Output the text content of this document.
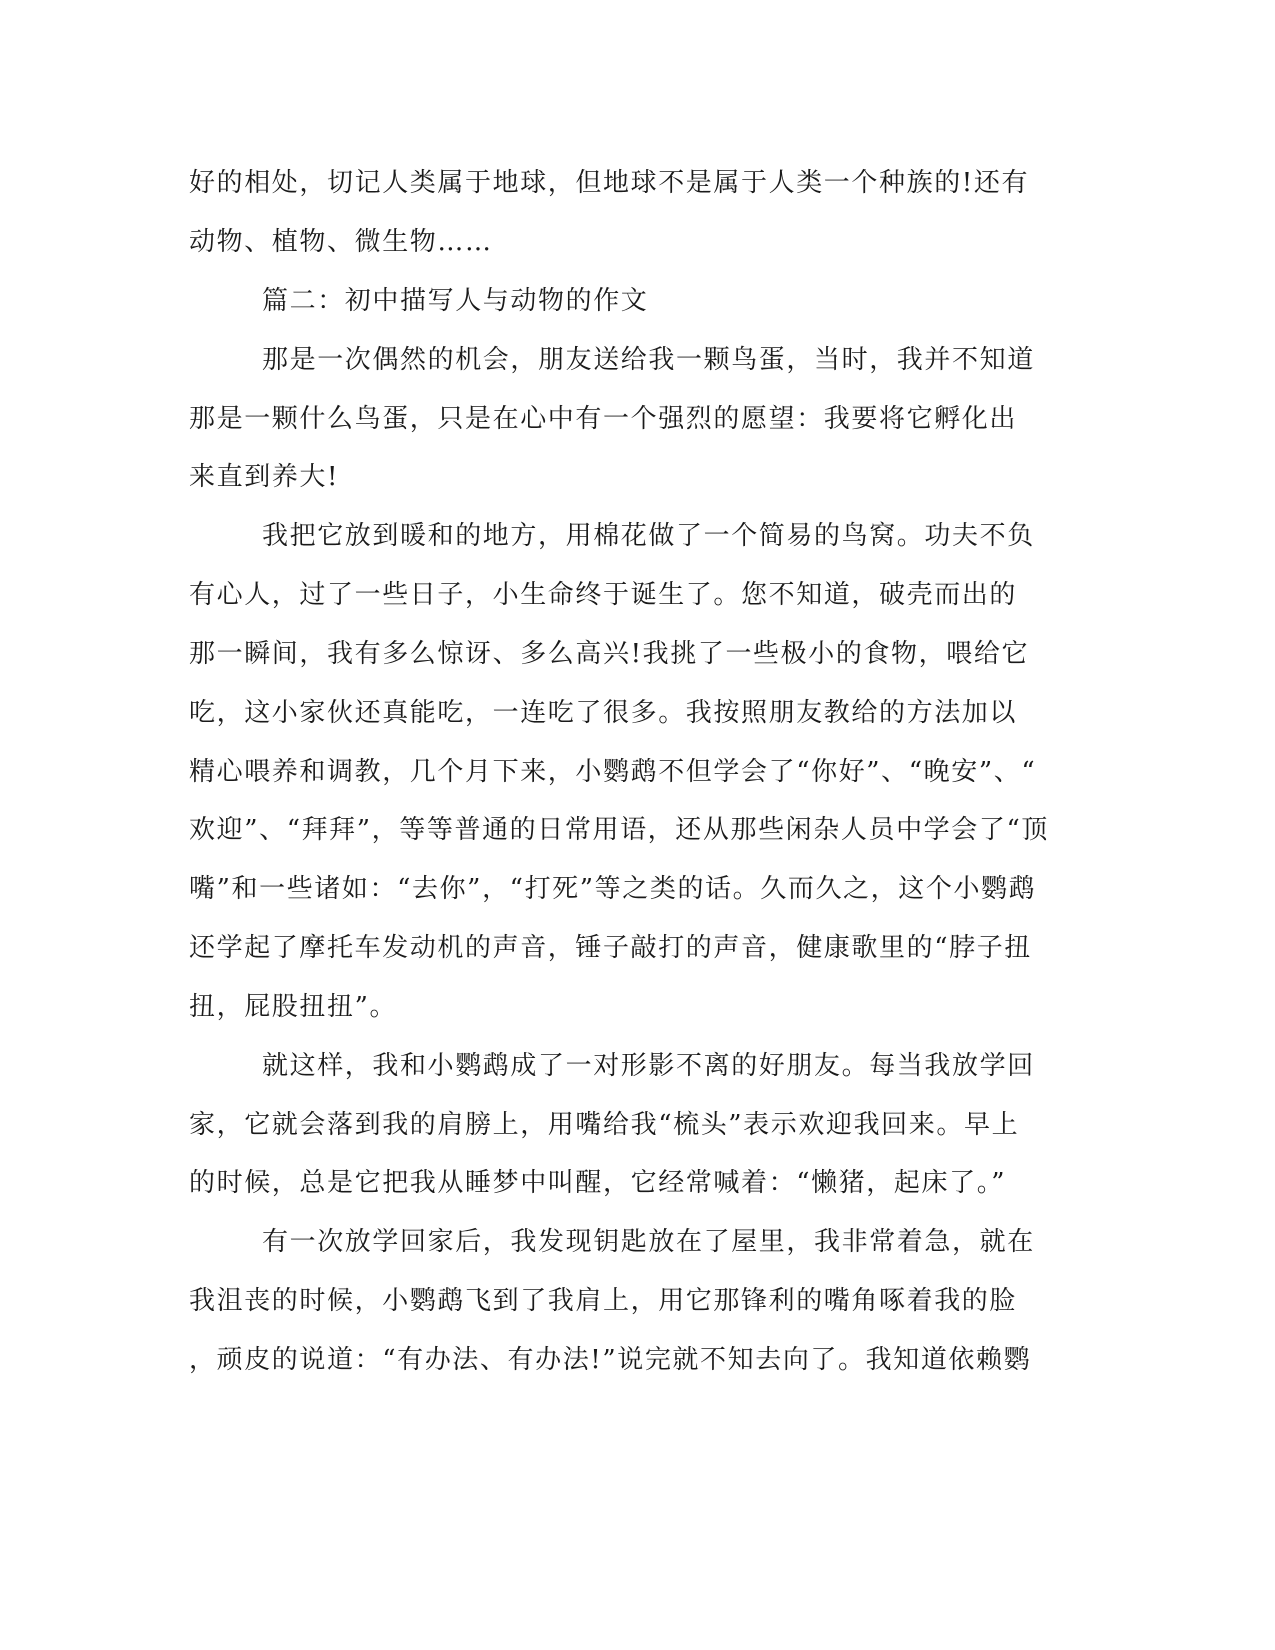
好的相处，切记人类属于地球，但地球不是属于人类一个种族的!还有
动物、植物、微生物……
篇二：初中描写人与动物的作文
那是一次偶然的机会，朋友送给我一颗鸟蛋，当时，我并不知道
那是一颗什么鸟蛋，只是在心中有一个强烈的愿望：我要将它孵化出
来直到养大!
我把它放到暖和的地方，用棉花做了一个简易的鸟窝。功夫不负
有心人，过了一些日子，小生命终于诞生了。您不知道，破壳而出的
那一瞬间，我有多么惊讶、多么高兴!我挑了一些极小的食物，喂给它
吃，这小家伙还真能吃，一连吃了很多。我按照朋友教给的方法加以
精心喂养和调教，几个月下来，小鹦鹉不但学会了“你好”、“晚安”、“
欢迎”、“拜拜”，等等普通的日常用语，还从那些闲杂人员中学会了“顶
嘴”和一些诸如：“去你”，“打死”等之类的话。久而久之，这个小鹦鹉
还学起了摩托车发动机的声音，锤子敲打的声音，健康歌里的“脖子扭
扭，屁股扭扭”。
就这样，我和小鹦鹉成了一对形影不离的好朋友。每当我放学回
家，它就会落到我的肩膀上，用嘴给我“梳头”表示欢迎我回来。早上
的时候，总是它把我从睡梦中叫醒，它经常喊着：“懒猪，起床了。”
有一次放学回家后，我发现钥匙放在了屋里，我非常着急，就在
我沮丧的时候，小鹦鹉飞到了我肩上，用它那锋利的嘴角啄着我的脸
，顽皮的说道：“有办法、有办法!”说完就不知去向了。我知道依赖鹦
